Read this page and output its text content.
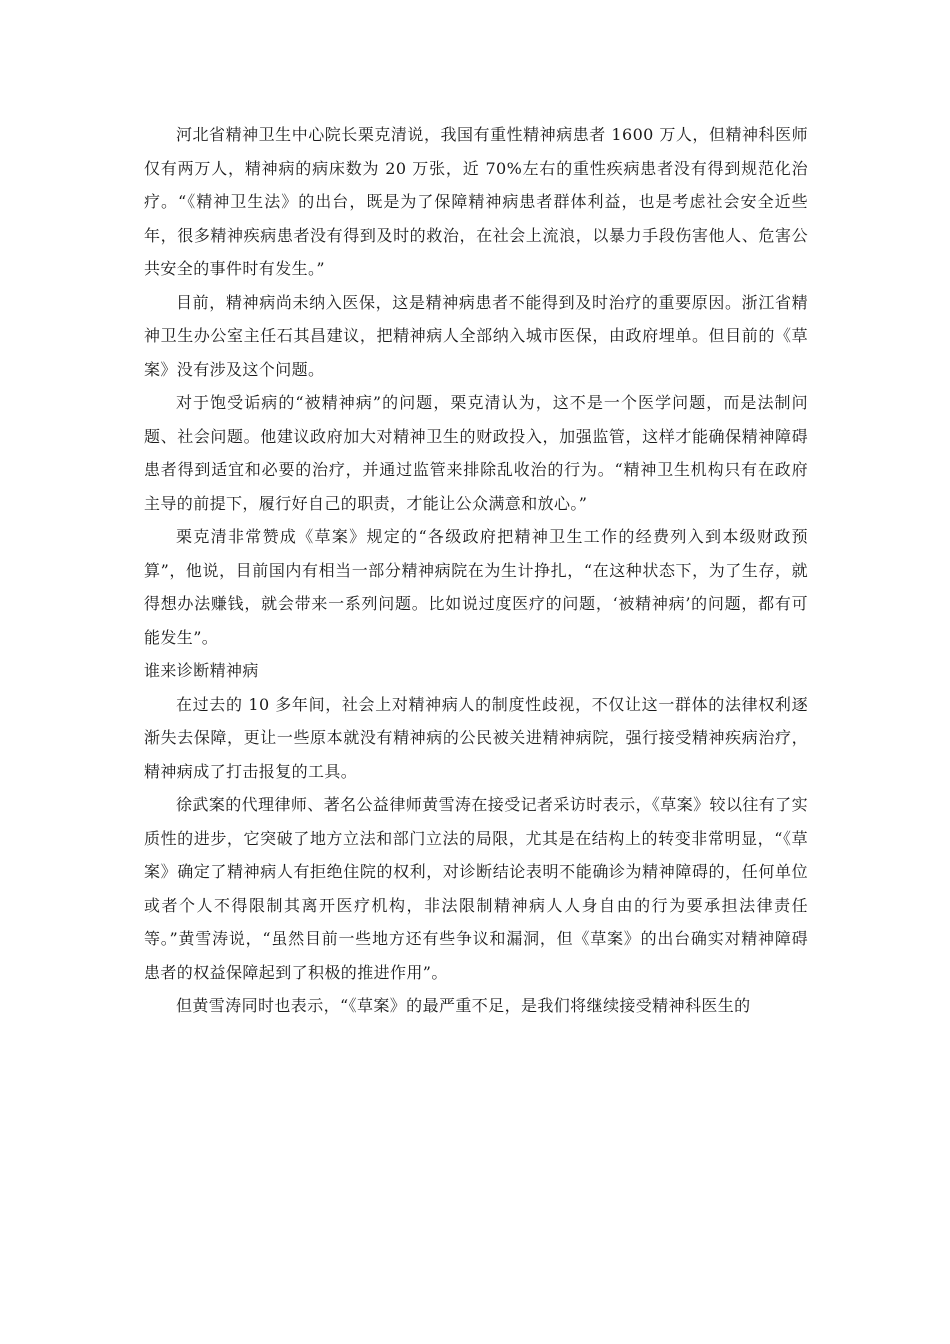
河北省精神卫生中心院长栗克清说，我国有重性精神病患者 1600 万人，但精神科医师仅有两万人，精神病的病床数为 20 万张，近 70%左右的重性疾病患者没有得到规范化治疗。“《精神卫生法》的出台，既是为了保障精神病患者群体利益，也是考虑社会安全近些年，很多精神疾病患者没有得到及时的救治，在社会上流浪，以暴力手段伤害他人、危害公共安全的事件时有发生。”

目前，精神病尚未纳入医保，这是精神病患者不能得到及时治疗的重要原因。浙江省精神卫生办公室主任石其昌建议，把精神病人全部纳入城市医保，由政府埋单。但目前的《草案》没有涉及这个问题。

对于饱受诟病的“被精神病”的问题，栗克清认为，这不是一个医学问题，而是法制问题、社会问题。他建议政府加大对精神卫生的财政投入，加强监管，这样才能确保精神障碍患者得到适宜和必要的治疗，并通过监管来排除乱收治的行为。“精神卫生机构只有在政府主导的前提下，履行好自己的职责，才能让公众满意和放心。”

栗克清非常赞成《草案》规定的“各级政府把精神卫生工作的经费列入到本级财政预算”，他说，目前国内有相当一部分精神病院在为生计挣扎，“在这种状态下，为了生存，就得想办法赚钱，就会带来一系列问题。比如说过度医疗的问题，‘被精神病’的问题，都有可能发生”。

谁来诊断精神病

在过去的 10 多年间，社会上对精神病人的制度性歧视，不仅让这一群体的法律权利逐渐失去保障，更让一些原本就没有精神病的公民被关进精神病院，强行接受精神疾病治疗，精神病成了打击报复的工具。

徐武案的代理律师、著名公益律师黄雪涛在接受记者采访时表示，《草案》较以往有了实质性的进步，它突破了地方立法和部门立法的局限，尤其是在结构上的转变非常明显，“《草案》确定了精神病人有拒绝住院的权利，对诊断结论表明不能确诊为精神障碍的，任何单位或者个人不得限制其离开医疗机构，非法限制精神病人人身自由的行为要承担法律责任等。”黄雪涛说，“虽然目前一些地方还有些争议和漏洞，但《草案》的出台确实对精神障碍患者的权益保障起到了积极的推进作用”。

但黄雪涛同时也表示，“《草案》的最严重不足，是我们将继续接受精神科医生的
